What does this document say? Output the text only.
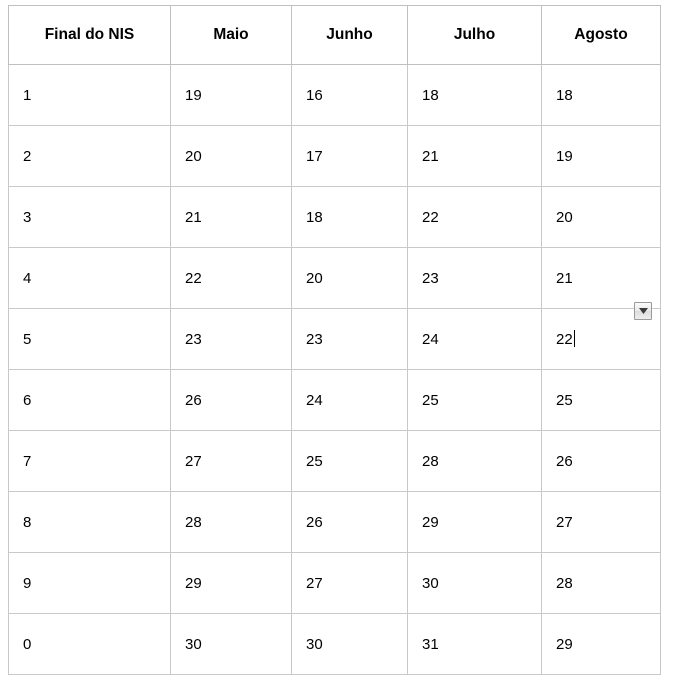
Final do NIS	Maio	Junho	Julho	Agosto

1	19	16	18	18

2	20	17	21	19

3	21	18	22	20

4	22	20	23	21

5	23	23	24	22

6	26	24	25	25

7	27	25	28	26

8	28	26	29	27

9	29	27	30	28

0	30	30	31	29
